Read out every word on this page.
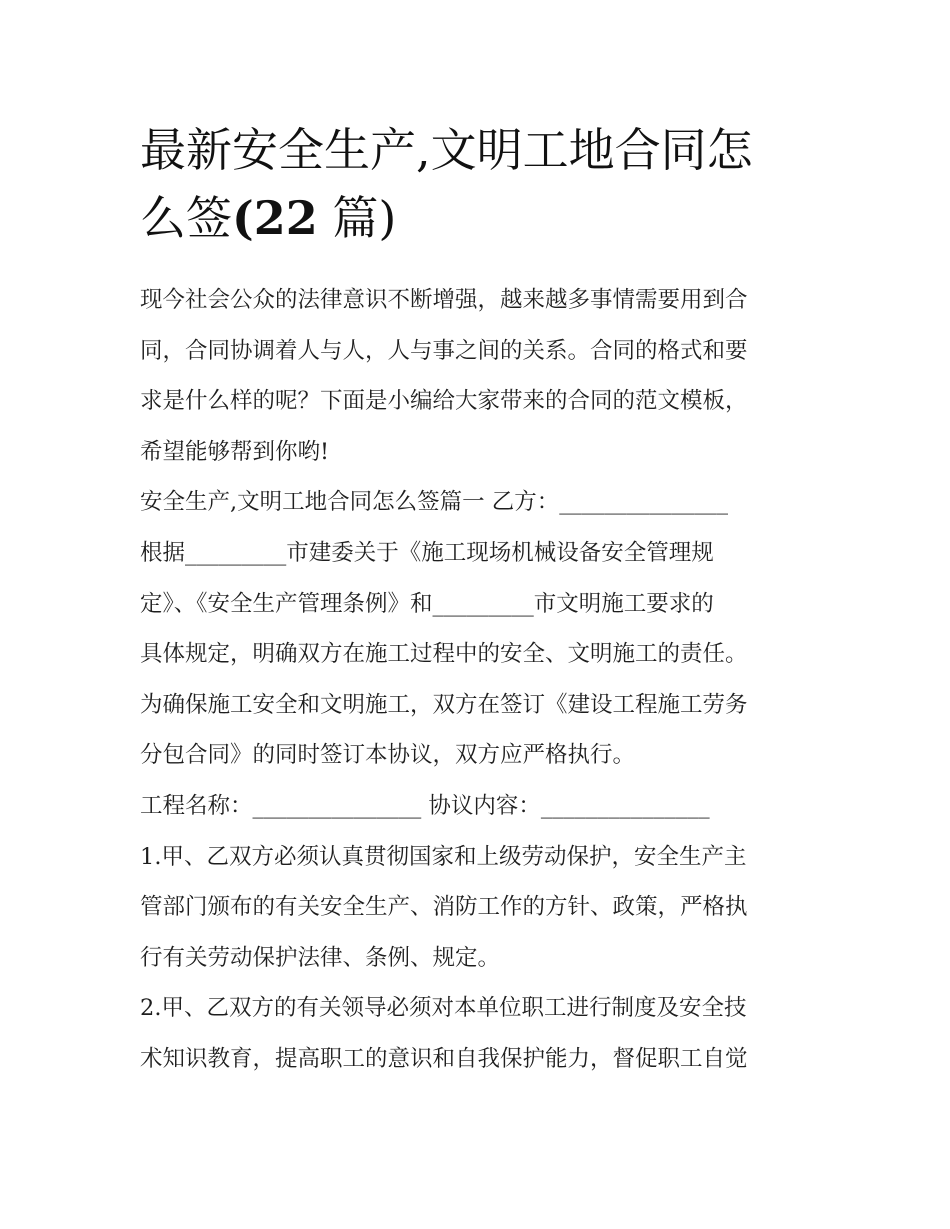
最新安全生产,文明工地合同怎
么签(22 篇)

现今社会公众的法律意识不断增强，越来越多事情需要用到合
同，合同协调着人与人，人与事之间的关系。合同的格式和要
求是什么样的呢？下面是小编给大家带来的合同的范文模板，
希望能够帮到你哟!

安全生产,文明工地合同怎么签篇一 乙方：_______________

根据_________市建委关于《施工现场机械设备安全管理规
定》、《安全生产管理条例》和_________市文明施工要求的
具体规定，明确双方在施工过程中的安全、文明施工的责任。
为确保施工安全和文明施工，双方在签订《建设工程施工劳务
分包合同》的同时签订本协议，双方应严格执行。

工程名称：_______________ 协议内容：_______________

1.甲、乙双方必须认真贯彻国家和上级劳动保护，安全生产主
管部门颁布的有关安全生产、消防工作的方针、政策，严格执
行有关劳动保护法律、条例、规定。

2.甲、乙双方的有关领导必须对本单位职工进行制度及安全技
术知识教育，提高职工的意识和自我保护能力，督促职工自觉
